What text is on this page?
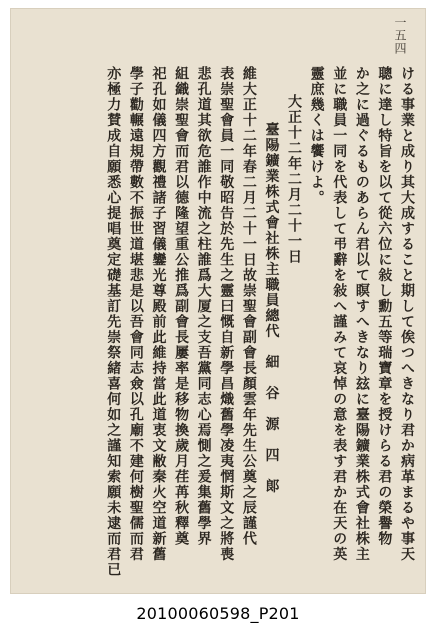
一五四
ける事業と成り其大成すること期して俟つへきなり君か病革まるや事天
聰に達し特旨を以て從六位に敍し勳五等瑞寶章を授けらる君の榮譽物
か之に過ぐるものあらん君以て瞑すへきなり玆に臺陽鑛業株式會社株主
並に職員一同を代表して弔辭を敍へ謹みて哀悼の意を表す君か在天の英
靈庶幾くは饗けよ。
大正十二年二月二十一日
臺陽鑛業株式會社株主職員總代　細　谷　源　四　郞
維大正十二年春二月二十一日故崇聖會副會長顏雲年先生公奠之辰謹代
表崇聖會員一同敬昭告於先生之靈曰慨自新學昌熾舊學凌夷惘斯文之將喪
悲孔道其欲危誰作中流之柱誰爲大厦之支吾黨同志心焉惻之爰集舊學界
組織崇聖會而君以德隆望重公推爲副會長屢率是移物換歲月荏苒秋釋奠
祀孔如儀四方觀禮諸子習儀鑾光尊殿前此維持當此道衷文敝秦火空道新舊
學子勸輾遠規帶數不振世道堪悲是以吾會同志僉以孔廟不建何樹聖儒而君
亦極力賛成自願悉心提唱奠定礎基訂先崇祭緒喜何如之謹知索願未逮而君已
20100060598_P201
